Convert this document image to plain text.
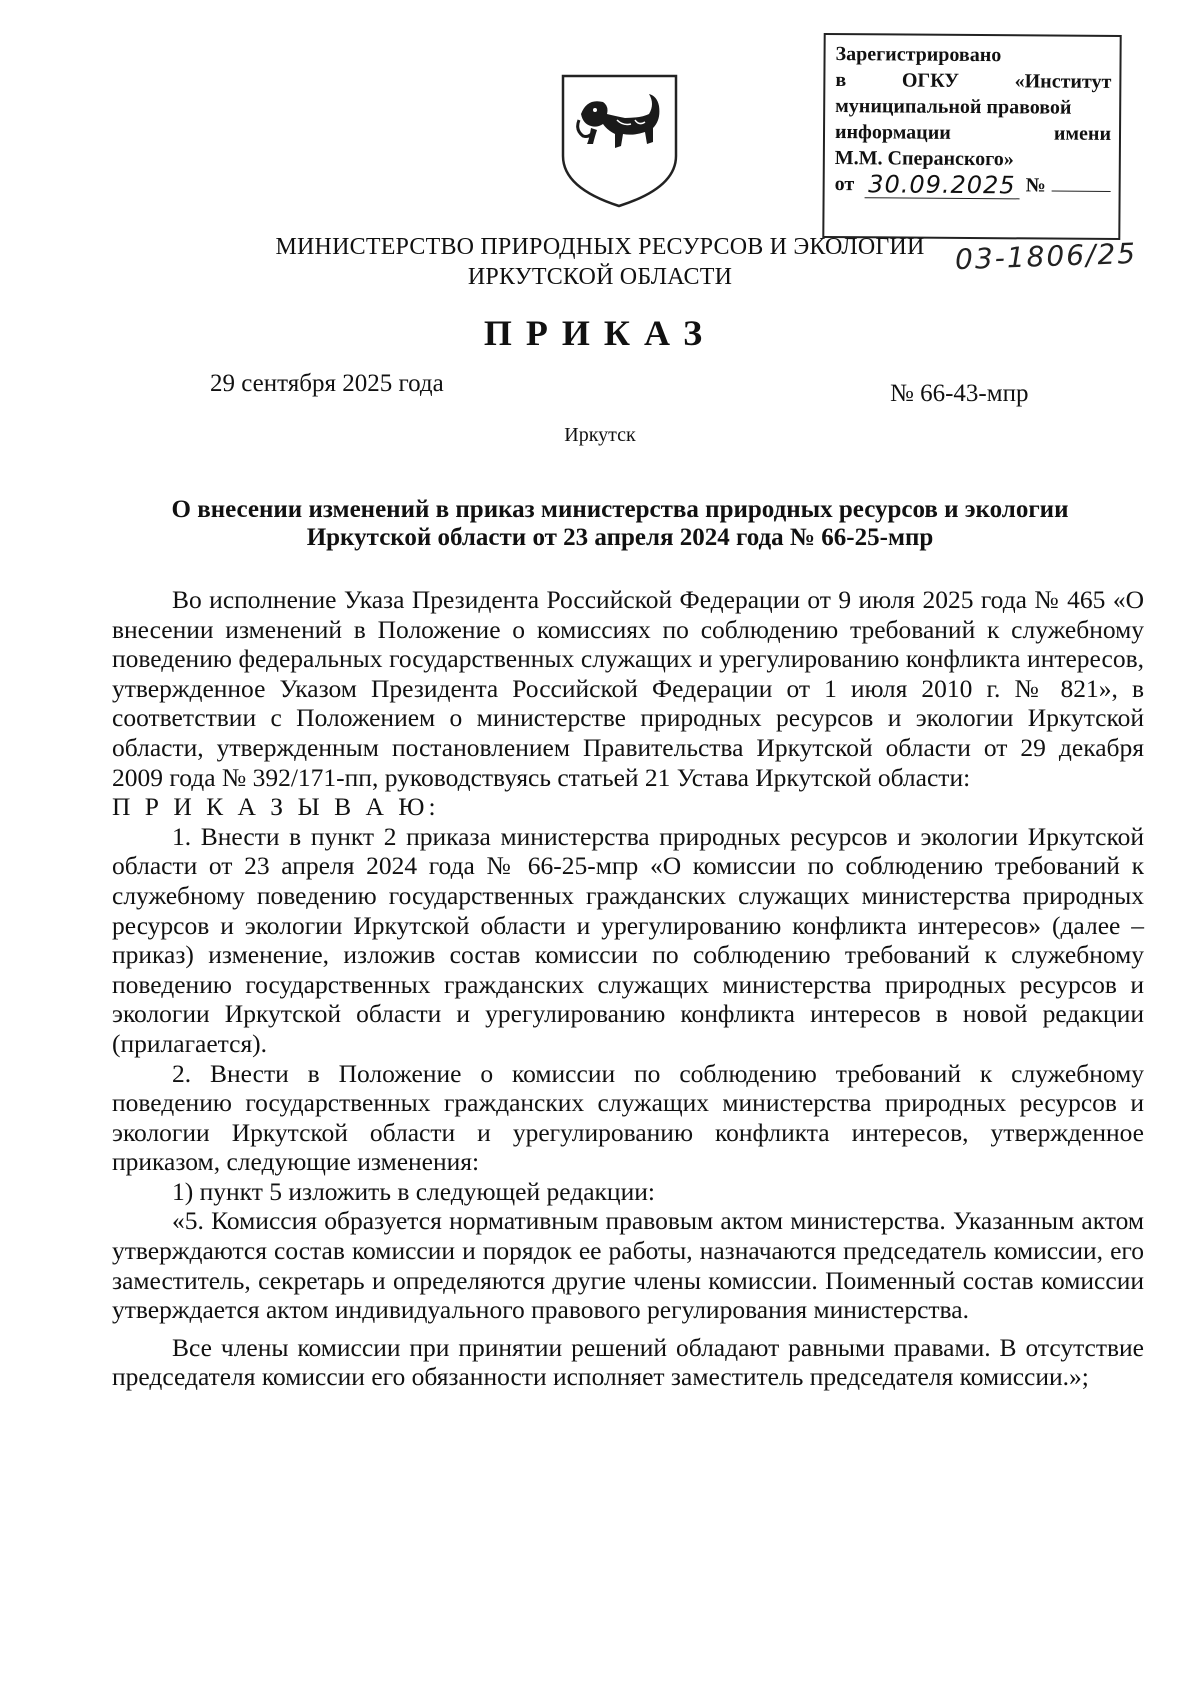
Зарегистрировано
в	ОГКУ	«Институт
муниципальной правовой
информации	имени
М.М. Сперанского»
от 30.09.2025 №
03-1806/25
МИНИСТЕРСТВО ПРИРОДНЫХ РЕСУРСОВ И ЭКОЛОГИИ
ИРКУТСКОЙ ОБЛАСТИ
ПРИКАЗ
29 сентября 2025 года	№ 66-43-мпр
Иркутск
О внесении изменений в приказ министерства природных ресурсов и экологии
Иркутской области от 23 апреля 2024 года № 66-25-мпр

Во исполнение Указа Президента Российской Федерации от 9 июля 2025 года № 465 «О внесении изменений в Положение о комиссиях по соблюдению требований к служебному поведению федеральных государственных служащих и урегулированию конфликта интересов, утвержденное Указом Президента Российской Федерации от 1 июля 2010 г. № 821», в соответствии с Положением о министерстве природных ресурсов и экологии Иркутской области, утвержденным постановлением Правительства Иркутской области от 29 декабря 2009 года № 392/171-пп, руководствуясь статьей 21 Устава Иркутской области:

П Р И К А З Ы В А Ю:

1. Внести в пункт 2 приказа министерства природных ресурсов и экологии Иркутской области от 23 апреля 2024 года № 66-25-мпр «О комиссии по соблюдению требований к служебному поведению государственных гражданских служащих министерства природных ресурсов и экологии Иркутской области и урегулированию конфликта интересов» (далее – приказ) изменение, изложив состав комиссии по соблюдению требований к служебному поведению государственных гражданских служащих министерства природных ресурсов и экологии Иркутской области и урегулированию конфликта интересов в новой редакции (прилагается).

2. Внести в Положение о комиссии по соблюдению требований к служебному поведению государственных гражданских служащих министерства природных ресурсов и экологии Иркутской области и урегулированию конфликта интересов, утвержденное приказом, следующие изменения:

1) пункт 5 изложить в следующей редакции:

«5. Комиссия образуется нормативным правовым актом министерства. Указанным актом утверждаются состав комиссии и порядок ее работы, назначаются председатель комиссии, его заместитель, секретарь и определяются другие члены комиссии. Поименный состав комиссии утверждается актом индивидуального правового регулирования министерства.

Все члены комиссии при принятии решений обладают равными правами. В отсутствие председателя комиссии его обязанности исполняет заместитель председателя комиссии.»;
